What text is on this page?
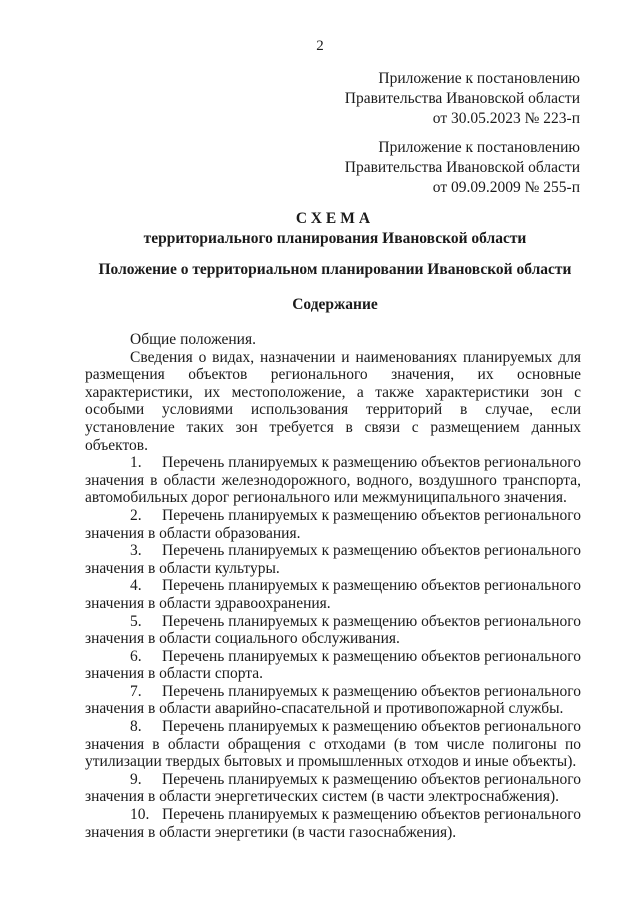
2
Приложение к постановлению
Правительства Ивановской области
от 30.05.2023 № 223-п
Приложение к постановлению
Правительства Ивановской области
от 09.09.2009 № 255-п
СХЕМА
территориального планирования Ивановской области
Положение о территориальном планировании Ивановской области
Содержание

Общие положения.

Сведения о видах, назначении и наименованиях планируемых для размещения объектов регионального значения, их основные характеристики, их местоположение, а также характеристики зон с особыми условиями использования территорий в случае, если установление таких зон требуется в связи с размещением данных объектов.

1. Перечень планируемых к размещению объектов регионального значения в области железнодорожного, водного, воздушного транспорта, автомобильных дорог регионального или межмуниципального значения.

2. Перечень планируемых к размещению объектов регионального значения в области образования.

3. Перечень планируемых к размещению объектов регионального значения в области культуры.

4. Перечень планируемых к размещению объектов регионального значения в области здравоохранения.

5. Перечень планируемых к размещению объектов регионального значения в области социального обслуживания.

6. Перечень планируемых к размещению объектов регионального значения в области спорта.

7. Перечень планируемых к размещению объектов регионального значения в области аварийно-спасательной и противопожарной службы.

8. Перечень планируемых к размещению объектов регионального значения в области обращения с отходами (в том числе полигоны по утилизации твердых бытовых и промышленных отходов и иные объекты).

9. Перечень планируемых к размещению объектов регионального значения в области энергетических систем (в части электроснабжения).

10. Перечень планируемых к размещению объектов регионального значения в области энергетики (в части газоснабжения).
